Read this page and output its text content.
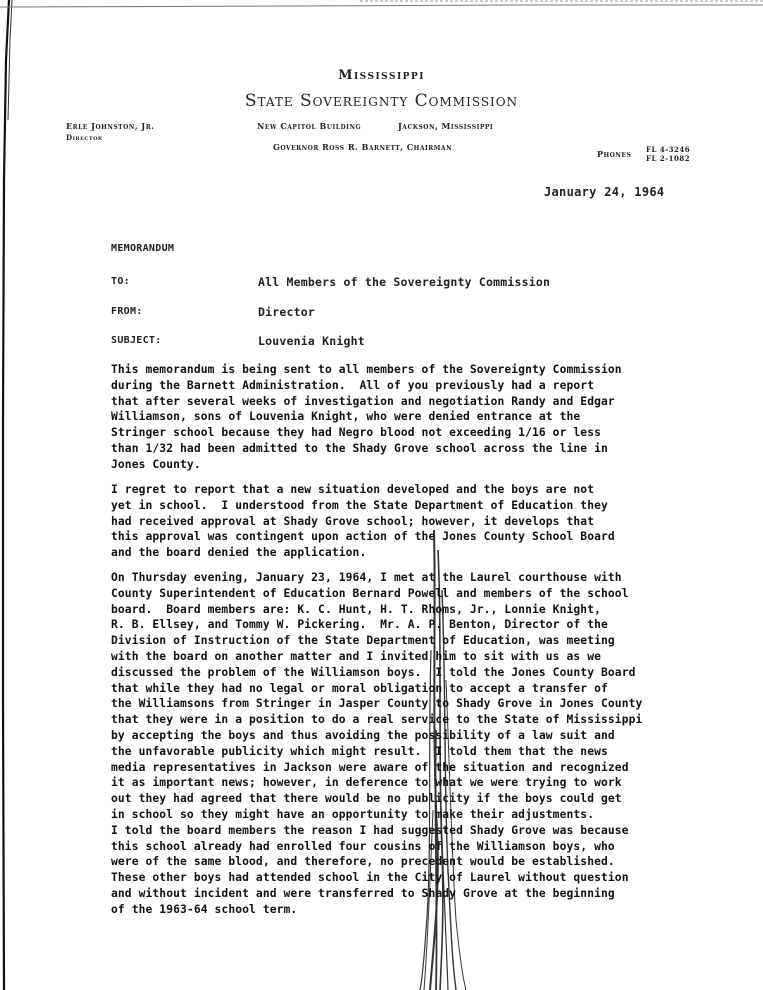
Mississippi
State Sovereignty Commission
Erle Johnston, Jr.
Director
New Capitol Building	Jackson, Mississippi
Governor Ross R. Barnett, Chairman
Phones FL 4-3246
FL 2-1082
January 24, 1964
MEMORANDUM
TO:	All Members of the Sovereignty Commission
FROM:	Director
SUBJECT:	Louvenia Knight

This memorandum is being sent to all members of the Sovereignty Commission

during the Barnett Administration.  All of you previously had a report

that after several weeks of investigation and negotiation Randy and Edgar

Williamson, sons of Louvenia Knight, who were denied entrance at the

Stringer school because they had Negro blood not exceeding 1/16 or less

than 1/32 had been admitted to the Shady Grove school across the line in

Jones County.

I regret to report that a new situation developed and the boys are not

yet in school.  I understood from the State Department of Education they

had received approval at Shady Grove school; however, it develops that

this approval was contingent upon action of the Jones County School Board

and the board denied the application.

On Thursday evening, January 23, 1964, I met at the Laurel courthouse with

County Superintendent of Education Bernard Powell and members of the school

board.  Board members are: K. C. Hunt, H. T. Rhoms, Jr., Lonnie Knight,

R. B. Ellsey, and Tommy W. Pickering.  Mr. A. P. Benton, Director of the

Division of Instruction of the State Department of Education, was meeting

with the board on another matter and I invited him to sit with us as we

discussed the problem of the Williamson boys.  I told the Jones County Board

that while they had no legal or moral obligation to accept a transfer of

the Williamsons from Stringer in Jasper County to Shady Grove in Jones County

that they were in a position to do a real service to the State of Mississippi

by accepting the boys and thus avoiding the possibility of a law suit and

the unfavorable publicity which might result.  I told them that the news

media representatives in Jackson were aware of the situation and recognized

it as important news; however, in deference to what we were trying to work

out they had agreed that there would be no publicity if the boys could get

in school so they might have an opportunity to make their adjustments.

I told the board members the reason I had suggested Shady Grove was because

this school already had enrolled four cousins of the Williamson boys, who

were of the same blood, and therefore, no precedent would be established.

These other boys had attended school in the City of Laurel without question

and without incident and were transferred to Shady Grove at the beginning

of the 1963-64 school term.
